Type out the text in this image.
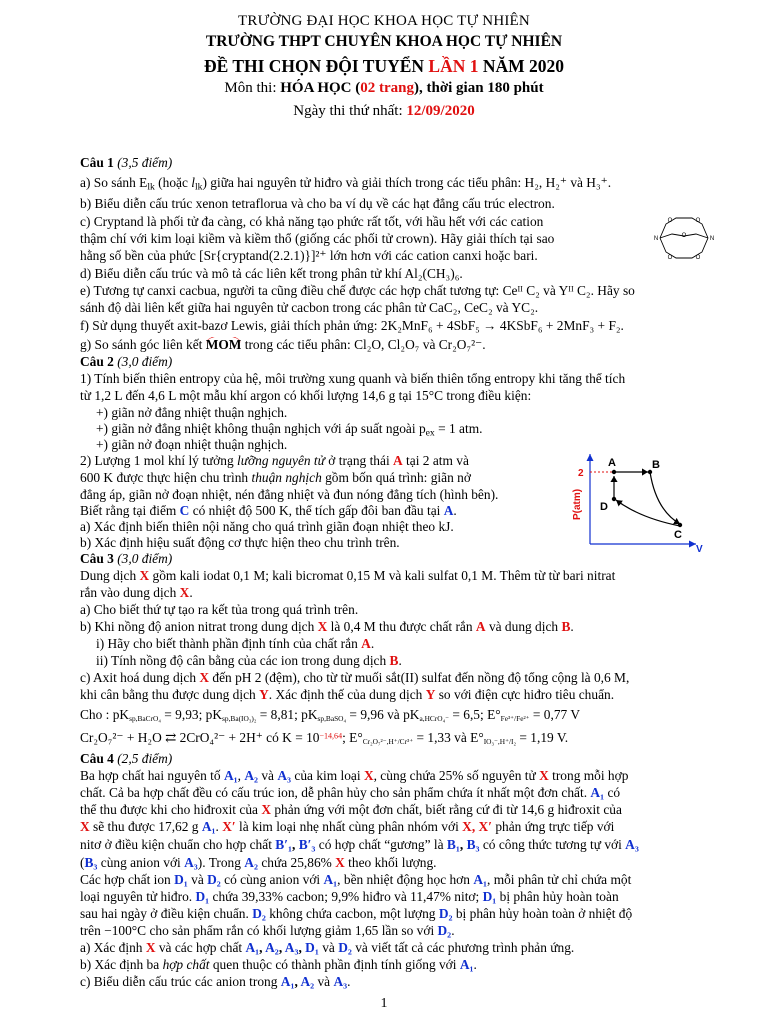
TRƯỜNG ĐẠI HỌC KHOA HỌC TỰ NHIÊN
TRƯỜNG THPT CHUYÊN KHOA HỌC TỰ NHIÊN
ĐỀ THI CHỌN ĐỘI TUYỂN LẦN 1 NĂM 2020
Môn thi: HÓA HỌC (02 trang), thời gian 180 phút
Ngày thi thứ nhất: 12/09/2020
Câu 1 (3,5 điểm)
a) So sánh $E_{lk}$ (hoặc $l_{lk}$) giữa hai nguyên tử hiđro và giải thích trong các tiểu phân: H₂, H₂⁺ và H₃⁺.
b) Biểu diễn cấu trúc xenon tetraflorua và cho ba ví dụ về các hạt đẳng cấu trúc electron.
c) Cryptand là phối tử đa càng, có khả năng tạo phức rất tốt, với hầu hết với các cation
thậm chí với kim loại kiềm và kiềm thổ (giống các phối tử crown). Hãy giải thích tại sao
hằng số bền của phức [Sr{cryptand(2.2.1)}]²⁺ lớn hơn với các cation canxi hoặc bari.
d) Biểu diễn cấu trúc và mô tả các liên kết trong phân tử khí Al₂(CH₃)₆.
O	O
O	O
O
N	N
e) Tương tự canxi cacbua, người ta cũng điều chế được các hợp chất tương tự: Ceᴵᴵ C₂ và Yᴵᴵ C₂. Hãy so
sánh độ dài liên kết giữa hai nguyên tử cacbon trong các phân tử CaC₂, CeC₂ và YC₂.
f) Sử dụng thuyết axit-bazơ Lewis, giải thích phản ứng: 2K₂MnF₆ + 4SbF₅ → 4KSbF₆ + 2MnF₃ + F₂.
g) So sánh góc liên kết MOM trong các tiểu phân: Cl₂O, Cl₂O₇ và Cr₂O₇²⁻.
Câu 2 (3,0 điểm)
1) Tính biến thiên entropy của hệ, môi trường xung quanh và biến thiên tổng entropy khi tăng thể tích
từ 1,2 L đến 4,6 L một mẫu khí argon có khối lượng 14,6 g tại 15°C trong điều kiện:
+) giãn nở đẳng nhiệt thuận nghịch.
+) giãn nở đẳng nhiệt không thuận nghịch với áp suất ngoài $p_{ex} = 1$ atm.
+) giãn nở đoạn nhiệt thuận nghịch.
2) Lượng 1 mol khí lý tưởng lưỡng nguyên tử ở trạng thái A tại 2 atm và
600 K được thực hiện chu trình thuận nghịch gồm bốn quá trình: giãn nở
đẳng áp, giãn nở đoạn nhiệt, nén đẳng nhiệt và đun nóng đẳng tích (hình bên).
Biết rằng tại điểm C có nhiệt độ 500 K, thể tích gấp đôi ban đầu tại A.
a) Xác định biến thiên nội năng cho quá trình giãn đoạn nhiệt theo kJ.
b) Xác định hiệu suất động cơ thực hiện theo chu trình trên.
P(atm)
V
2
A	B
C
D
Câu 3 (3,0 điểm)
Dung dịch X gồm kali iodat 0,1 M; kali bicromat 0,15 M và kali sulfat 0,1 M. Thêm từ từ bari nitrat
rắn vào dung dịch X.
a) Cho biết thứ tự tạo ra kết tủa trong quá trình trên.
b) Khi nồng độ anion nitrat trong dung dịch X là 0,4 M thu được chất rắn A và dung dịch B.
i) Hãy cho biết thành phần định tính của chất rắn A.
ii) Tính nồng độ cân bằng của các ion trong dung dịch B.
c) Axit hoá dung dịch X đến pH 2 (đệm), cho từ từ muối sắt(II) sulfat đến nồng độ tổng cộng là 0,6 M,
khi cân bằng thu được dung dịch Y. Xác định thế của dung dịch Y so với điện cực hiđro tiêu chuẩn.
Cho : $pK_{sp,BaCrO_4} = 9,93$; $pK_{sp,Ba(IO_3)_2} = 8,81$; $pK_{sp,BaSO_4} = 9,96$ và $pK_{a,HCrO_4^-} = 6,5$; $E^\circ_{Fe^{3+}/Fe^{2+}} = 0,77$ V
Cr₂O₇²⁻ + H₂O ⇄ 2CrO₄²⁻ + 2H⁺ có $K = 10^{-14,64}$; $E^\circ_{Cr_2O_7^{2-},H^+/Cr^{3+}} = 1,33$ và $E^\circ_{IO_3^-,H^+/I_2} = 1,19$ V.
Câu 4 (2,5 điểm)
Ba hợp chất hai nguyên tố A₁, A₂ và A₃ của kim loại X, cùng chứa 25% số nguyên tử X trong mỗi hợp
chất. Cả ba hợp chất đều có cấu trúc ion, dễ phân hủy cho sản phẩm chứa ít nhất một đơn chất. A₁ có
thể thu được khi cho hiđroxit của X phản ứng với một đơn chất, biết rằng cứ đi từ 14,6 g hiđroxit của
X sẽ thu được 17,62 g A₁. X′ là kim loại nhẹ nhất cùng phân nhóm với X, X′ phản ứng trực tiếp với
nitơ ở điều kiện chuẩn cho hợp chất B′₁, B′₃ có hợp chất “gương” là B₁, B₃ có công thức tương tự với A₃
(B₃ cùng anion với A₃). Trong A₂ chứa 25,86% X theo khối lượng.
Các hợp chất ion D₁ và D₂ có cùng anion với A₁, bền nhiệt động học hơn A₁, mỗi phân tử chỉ chứa một
loại nguyên tử hiđro. D₁ chứa 39,33% cacbon; 9,9% hiđro và 11,47% nitơ; D₁ bị phân hủy hoàn toàn
sau hai ngày ở điều kiện chuẩn. D₂ không chứa cacbon, một lượng D₂ bị phân hủy hoàn toàn ở nhiệt độ
trên −100°C cho sản phẩm rắn có khối lượng giảm 1,65 lần so với D₂.
a) Xác định X và các hợp chất A₁, A₂, A₃, D₁ và D₂ và viết tất cả các phương trình phản ứng.
b) Xác định ba hợp chất quen thuộc có thành phần định tính giống với A₁.
c) Biểu diễn cấu trúc các anion trong A₁, A₂ và A₃.
1
